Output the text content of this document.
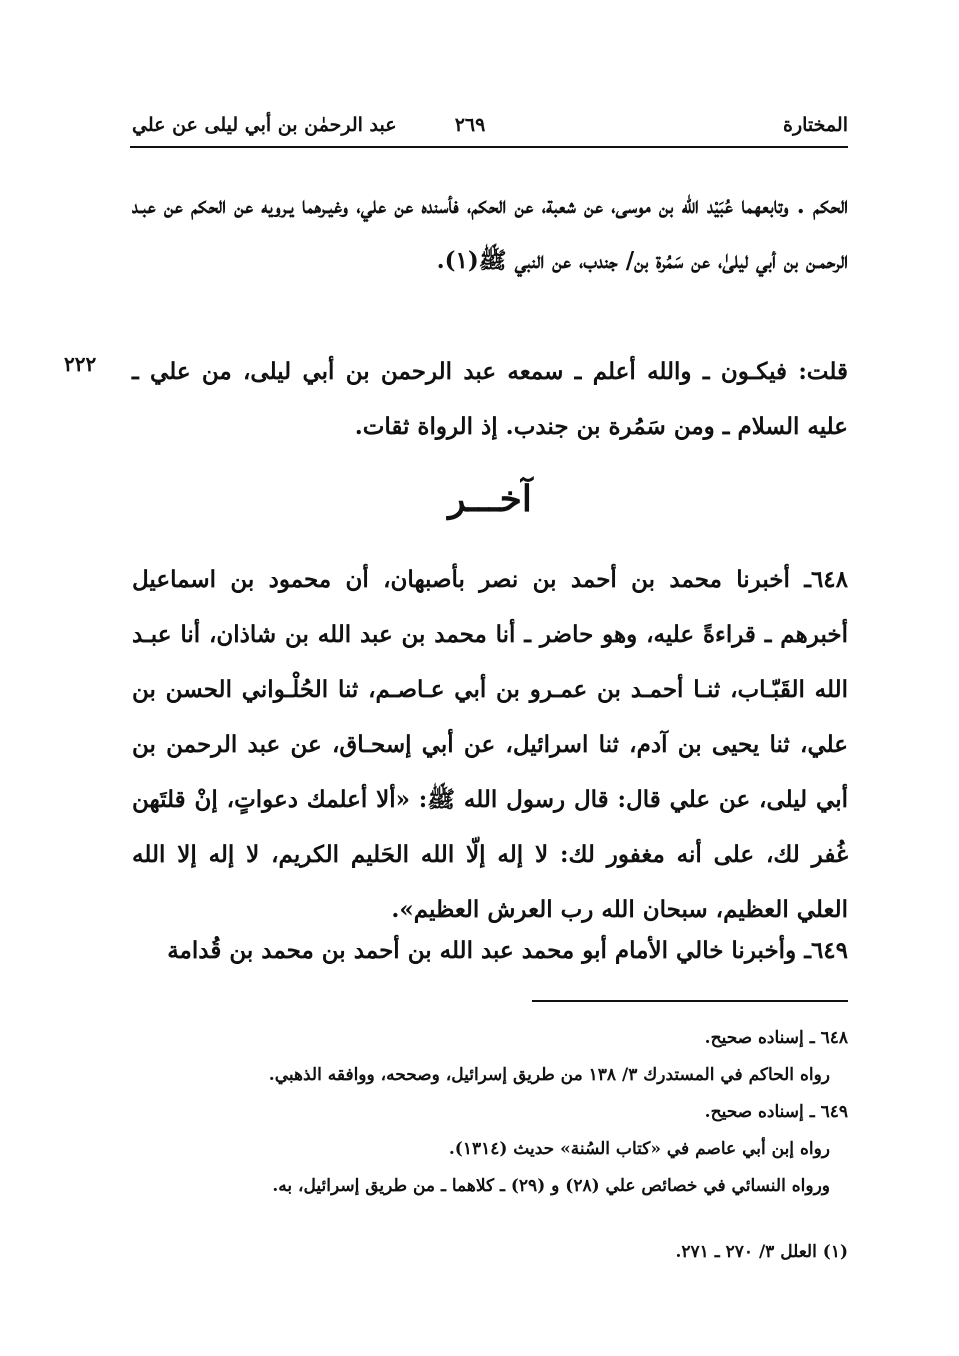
المختارة
٢٦٩
عبد الرحمٰن بن أبي ليلى عن علي
الحكم . وتابعهما عُبَيْد الله بن موسى، عن شعبة، عن الحكم، فأسنده عن علي، وغيـرهما يـرويه عن الحكم عن عبـد الرحمـن بن أبي ليلىٰ، عن سَمُرة بن/ جندب، عن النبي ﷺ(١).
قلت: فيكـون ـ والله أعلم ـ سمعه عبد الرحمن بن أبي ليلى، من علي ـ عليه السلام ـ ومن سَمُرة بن جندب. إذ الرواة ثقات.
٢٢٢
آخـــر
٦٤٨ـ أخبرنا محمد بن أحمد بن نصر بأصبهان، أن محمود بن اسماعيل أخبرهم ـ قراءةً عليه، وهو حاضر ـ أنا محمد بن عبد الله بن شاذان، أنا عبـد الله القَبّـاب، ثنـا أحمـد بن عمـرو بن أبي عـاصـم، ثنا الحُلْـواني الحسن بن علي، ثنا يحيى بن آدم، ثنا اسرائيل، عن أبي إسحـاق، عن عبد الرحمن بن أبي ليلى، عن علي قال: قال رسول الله ﷺ: «ألا أعلمك دعواتٍ، إنْ قلتَهن غُفر لك، على أنه مغفور لك: لا إله إلّا الله الحَليم الكريم، لا إله إلا الله العلي العظيم، سبحان الله رب العرش العظيم».
٦٤٩ـ وأخبرنا خالي الأمام أبو محمد عبد الله بن أحمد بن محمد بن قُدامة
٦٤٨ ـ إسناده صحيح.
رواه الحاكم في المستدرك ٣/ ١٣٨ من طريق إسرائيل، وصححه، ووافقه الذهبي.
٦٤٩ ـ إسناده صحيح.
رواه إبن أبي عاصم في «كتاب السُنة» حديث (١٣١٤).
ورواه النسائي في خصائص علي (٢٨) و (٢٩) ـ كلاهما ـ من طريق إسرائيل، به.
(١) العلل ٣/ ٢٧٠ ـ ٢٧١.
